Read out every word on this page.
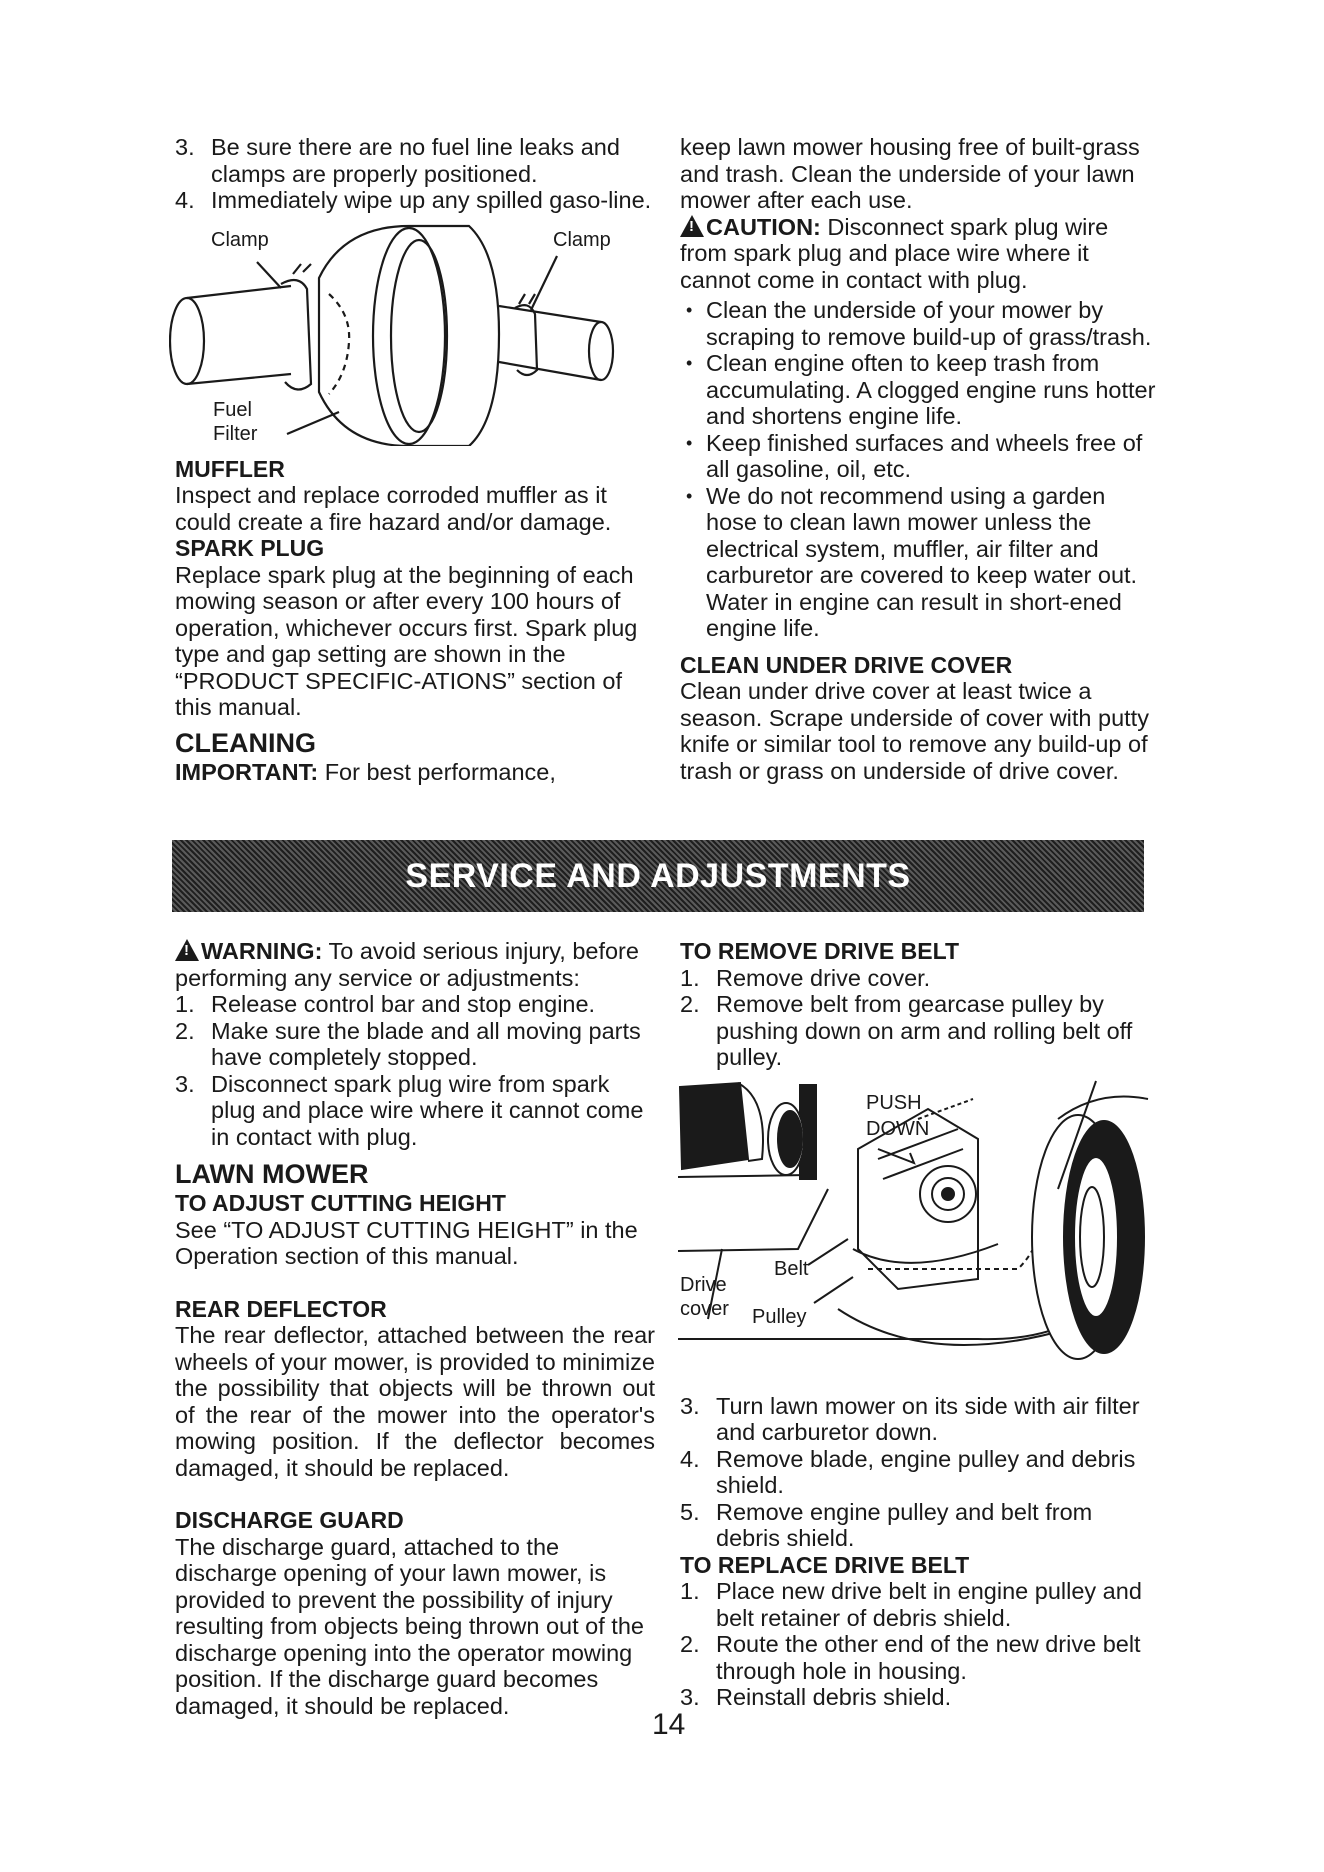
3. Be sure there are no fuel line leaks and clamps are properly positioned.
4. Immediately wipe up any spilled gaso-line.
Clamp	Clamp
Fuel
Filter

MUFFLER

Inspect and replace corroded muffler as it could create a fire hazard and/or damage.

SPARK PLUG

Replace spark plug at the beginning of each mowing season or after every 100 hours of operation, whichever occurs first. Spark plug type and gap setting are shown in the “PRODUCT SPECIFIC-ATIONS” section of this manual.

CLEANING

IMPORTANT: For best performance,

keep lawn mower housing free of built-grass and trash. Clean the underside of your lawn mower after each use.

!CAUTION: Disconnect spark plug wire from spark plug and place wire where it cannot come in contact with plug.

• Clean the underside of your mower by scraping to remove build-up of grass/trash.
• Clean engine often to keep trash from accumulating. A clogged engine runs hotter and shortens engine life.
• Keep finished surfaces and wheels free of all gasoline, oil, etc.
• We do not recommend using a garden hose to clean lawn mower unless the electrical system, muffler, air filter and carburetor are covered to keep water out. Water in engine can result in short-ened engine life.

CLEAN UNDER DRIVE COVER

Clean under drive cover at least twice a season. Scrape underside of cover with putty knife or similar tool to remove any build-up of trash or grass on underside of drive cover.

SERVICE AND ADJUSTMENTS

!WARNING: To avoid serious injury, before performing any service or adjustments:

1. Release control bar and stop engine.
2. Make sure the blade and all moving parts have completely stopped.
3. Disconnect spark plug wire from spark plug and place wire where it cannot come in contact with plug.

LAWN MOWER

TO ADJUST CUTTING HEIGHT

See “TO ADJUST CUTTING HEIGHT” in the Operation section of this manual.

REAR DEFLECTOR

The rear deflector, attached between the rear wheels of your mower, is provided to minimize the possibility that objects will be thrown out of the rear of the mower into the operator's mowing position. If the deflector becomes damaged, it should be replaced.

DISCHARGE GUARD

The discharge guard, attached to the discharge opening of your lawn mower, is provided to prevent the possibility of injury resulting from objects being thrown out of the discharge opening into the operator mowing position. If the discharge guard becomes damaged, it should be replaced.

TO REMOVE DRIVE BELT

1. Remove drive cover.
2. Remove belt from gearcase pulley by pushing down on arm and rolling belt off pulley.
PUSH
DOWN
Belt
Drive
cover Pulley
3. Turn lawn mower on its side with air filter and carburetor down.
4. Remove blade, engine pulley and debris shield.
5. Remove engine pulley and belt from debris shield.

TO REPLACE DRIVE BELT

1. Place new drive belt in engine pulley and belt retainer of debris shield.
2. Route the other end of the new drive belt through hole in housing.
3. Reinstall debris shield.
14
